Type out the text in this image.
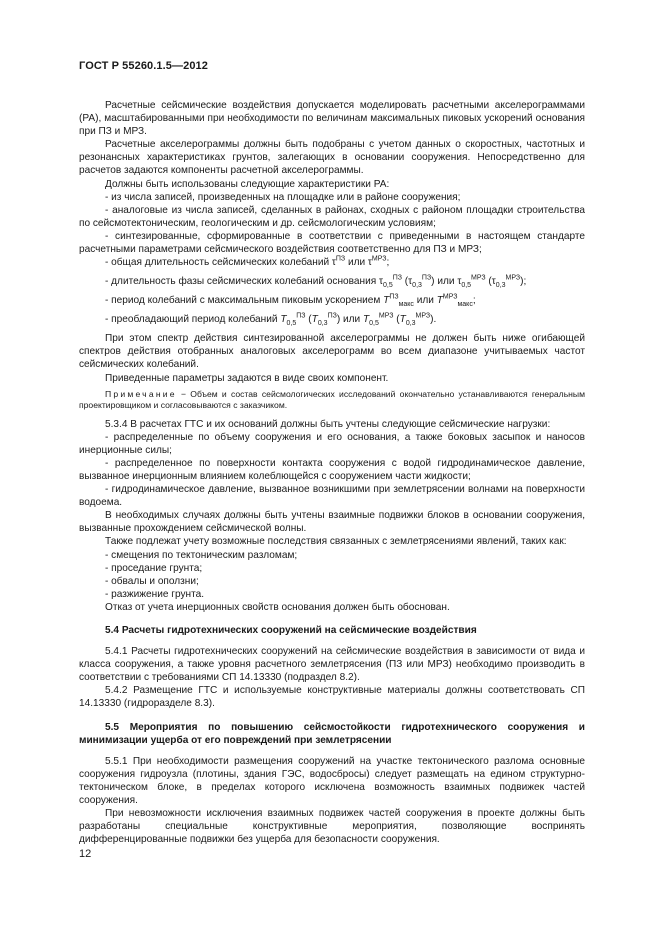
ГОСТ Р 55260.1.5—2012

Расчетные сейсмические воздействия допускается моделировать расчетными акселерограммами (РА), масштабированными при необходимости по величинам максимальных пиковых ускорений основания при ПЗ и МРЗ.

Расчетные акселерограммы должны быть подобраны с учетом данных о скоростных, частотных и резонансных характеристиках грунтов, залегающих в основании сооружения. Непосредственно для расчетов задаются компоненты расчетной акселерограммы.

Должны быть использованы следующие характеристики РА:

- из числа записей, произведенных на площадке или в районе сооружения;

- аналоговые из числа записей, сделанных в районах, сходных с районом площадки строительства по сейсмотектоническим, геологическим и др. сейсмологическим условиям;

- синтезированные, сформированные в соответствии с приведенными в настоящем стандарте расчетными параметрами сейсмического воздействия соответственно для ПЗ и МРЗ;

- общая длительность сейсмических колебаний $\tau^{ПЗ}$ или $\tau^{МРЗ}$;

- длительность фазы сейсмических колебаний основания $\tau_{0,5}^{ПЗ}$ $(\tau_{0,3}^{ПЗ})$ или $\tau_{0,5}^{МРЗ}$ $(\tau_{0,3}^{МРЗ})$;

- период колебаний с максимальным пиковым ускорением $T^{ПЗ}_{макс}$ или $T^{МРЗ}_{макс}$;

- преобладающий период колебаний $T_{0,5}^{ПЗ}$ $(T_{0,3}^{ПЗ})$ или $T_{0,5}^{МРЗ}$ $(T_{0,3}^{МРЗ})$.

При этом спектр действия синтезированной акселерограммы не должен быть ниже огибающей спектров действия отобранных аналоговых акселерограмм во всем диапазоне учитываемых частот сейсмических колебаний.

Приведенные параметры задаются в виде своих компонент.

Примечание − Объем и состав сейсмологических исследований окончательно устанавливаются генеральным проектировщиком и согласовываются с заказчиком.

5.3.4 В расчетах ГТС и их оснований должны быть учтены следующие сейсмические нагрузки:

- распределенные по объему сооружения и его основания, а также боковых засыпок и наносов инерционные силы;

- распределенное по поверхности контакта сооружения с водой гидродинамическое давление, вызванное инерционным влиянием колеблющейся с сооружением части жидкости;

- гидродинамическое давление, вызванное возникшими при землетрясении волнами на поверхности водоема.

В необходимых случаях должны быть учтены взаимные подвижки блоков в основании сооружения, вызванные прохождением сейсмической волны.

Также подлежат учету возможные последствия связанных с землетрясениями явлений, таких как:

- смещения по тектоническим разломам;

- проседание грунта;

- обвалы и оползни;

- разжижение грунта.

Отказ от учета инерционных свойств основания должен быть обоснован.

5.4 Расчеты гидротехнических сооружений на сейсмические воздействия

5.4.1 Расчеты гидротехнических сооружений на сейсмические воздействия в зависимости от вида и класса сооружения, а также уровня расчетного землетрясения (ПЗ или МРЗ) необходимо производить в соответствии с требованиями СП 14.13330 (подраздел 8.2).

5.4.2 Размещение ГТС и используемые конструктивные материалы должны соответствовать СП 14.13330 (гидроразделе 8.3).

5.5 Мероприятия по повышению сейсмостойкости гидротехнического сооружения и минимизации ущерба от его повреждений при землетрясении

5.5.1 При необходимости размещения сооружений на участке тектонического разлома основные сооружения гидроузла (плотины, здания ГЭС, водосбросы) следует размещать на едином структурно-тектоническом блоке, в пределах которого исключена возможность взаимных подвижек частей сооружения.

При невозможности исключения взаимных подвижек частей сооружения в проекте должны быть разработаны специальные конструктивные мероприятия, позволяющие воспринять дифференцированные подвижки без ущерба для безопасности сооружения.

12
